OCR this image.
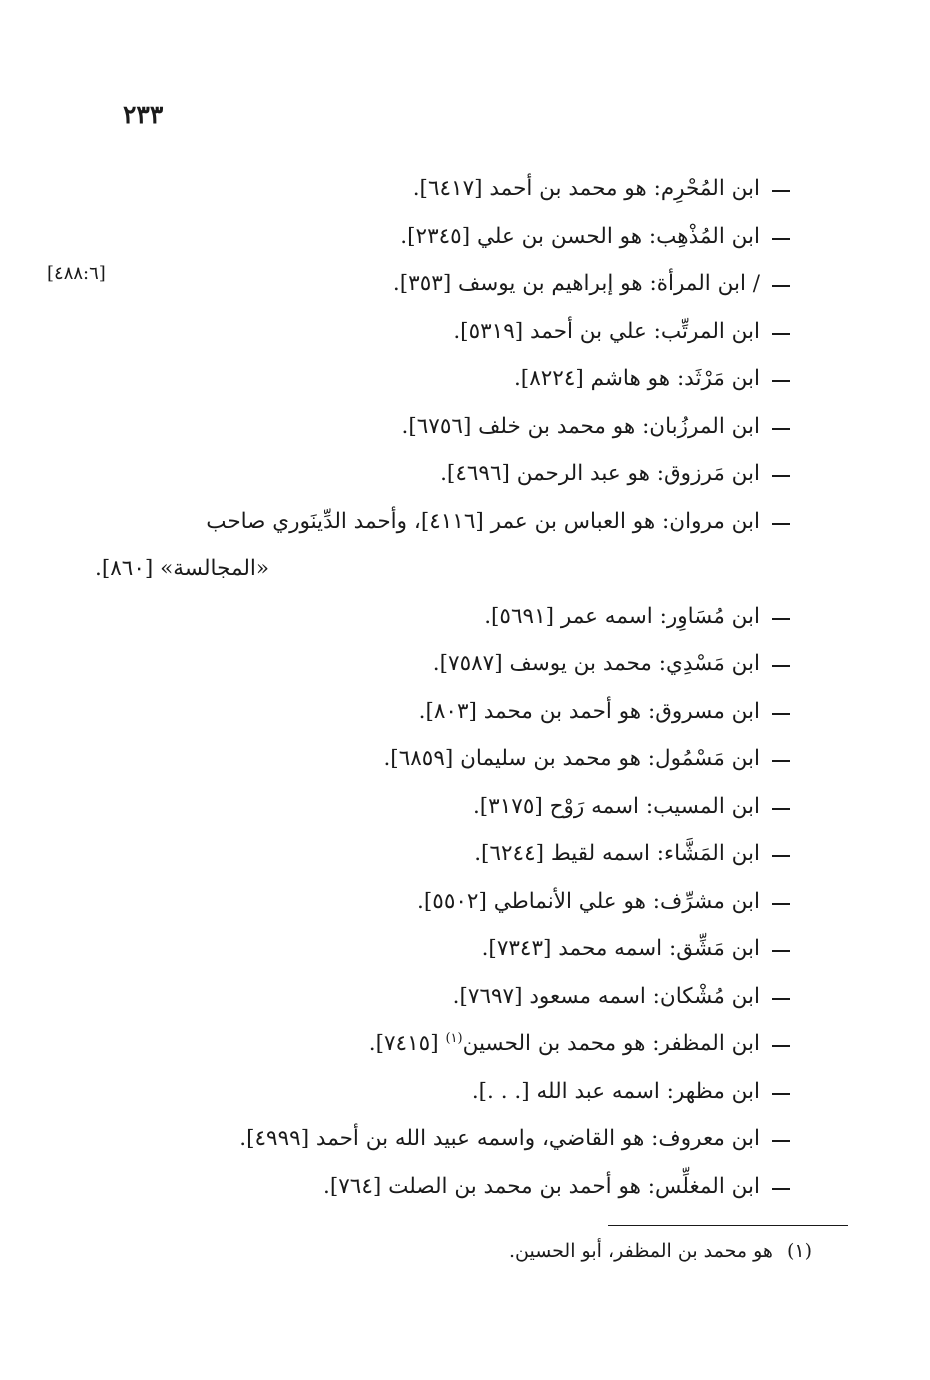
٢٣٣
[٤٨٨:٦]
ابن المُحْرِم: هو محمد بن أحمد [٦٤١٧].
ابن المُذْهِب: هو الحسن بن علي [٢٣٤٥].
/ ابن المرأة: هو إبراهيم بن يوسف [٣٥٣].
ابن المرتِّب: علي بن أحمد [٥٣١٩].
ابن مَرْثَد: هو هاشم [٨٢٢٤].
ابن المرزُبان: هو محمد بن خلف [٦٧٥٦].
ابن مَرزوق: هو عبد الرحمن [٤٦٩٦].
ابن مروان: هو العباس بن عمر [٤١١٦]، وأحمد الدِّينَوري صاحب
«المجالسة» [٨٦٠].
ابن مُسَاوِر: اسمه عمر [٥٦٩١].
ابن مَسْدِي: محمد بن يوسف [٧٥٨٧].
ابن مسروق: هو أحمد بن محمد [٨٠٣].
ابن مَسْمُول: هو محمد بن سليمان [٦٨٥٩].
ابن المسيب: اسمه رَوْح [٣١٧٥].
ابن المَشَّاء: اسمه لقيط [٦٢٤٤].
ابن مشرِّف: هو علي الأنماطي [٥٥٠٢].
ابن مَشِّق: اسمه محمد [٧٣٤٣].
ابن مُشْكان: اسمه مسعود [٧٦٩٧].
ابن المظفر: هو محمد بن الحسين$^{(١)}$ [٧٤١٥].
ابن مظهر: اسمه عبد الله [. . .].
ابن معروف: هو القاضي، واسمه عبيد الله بن أحمد [٤٩٩٩].
ابن المغلِّس: هو أحمد بن محمد بن الصلت [٧٦٤].
(١)هو محمد بن المظفر، أبو الحسين.
